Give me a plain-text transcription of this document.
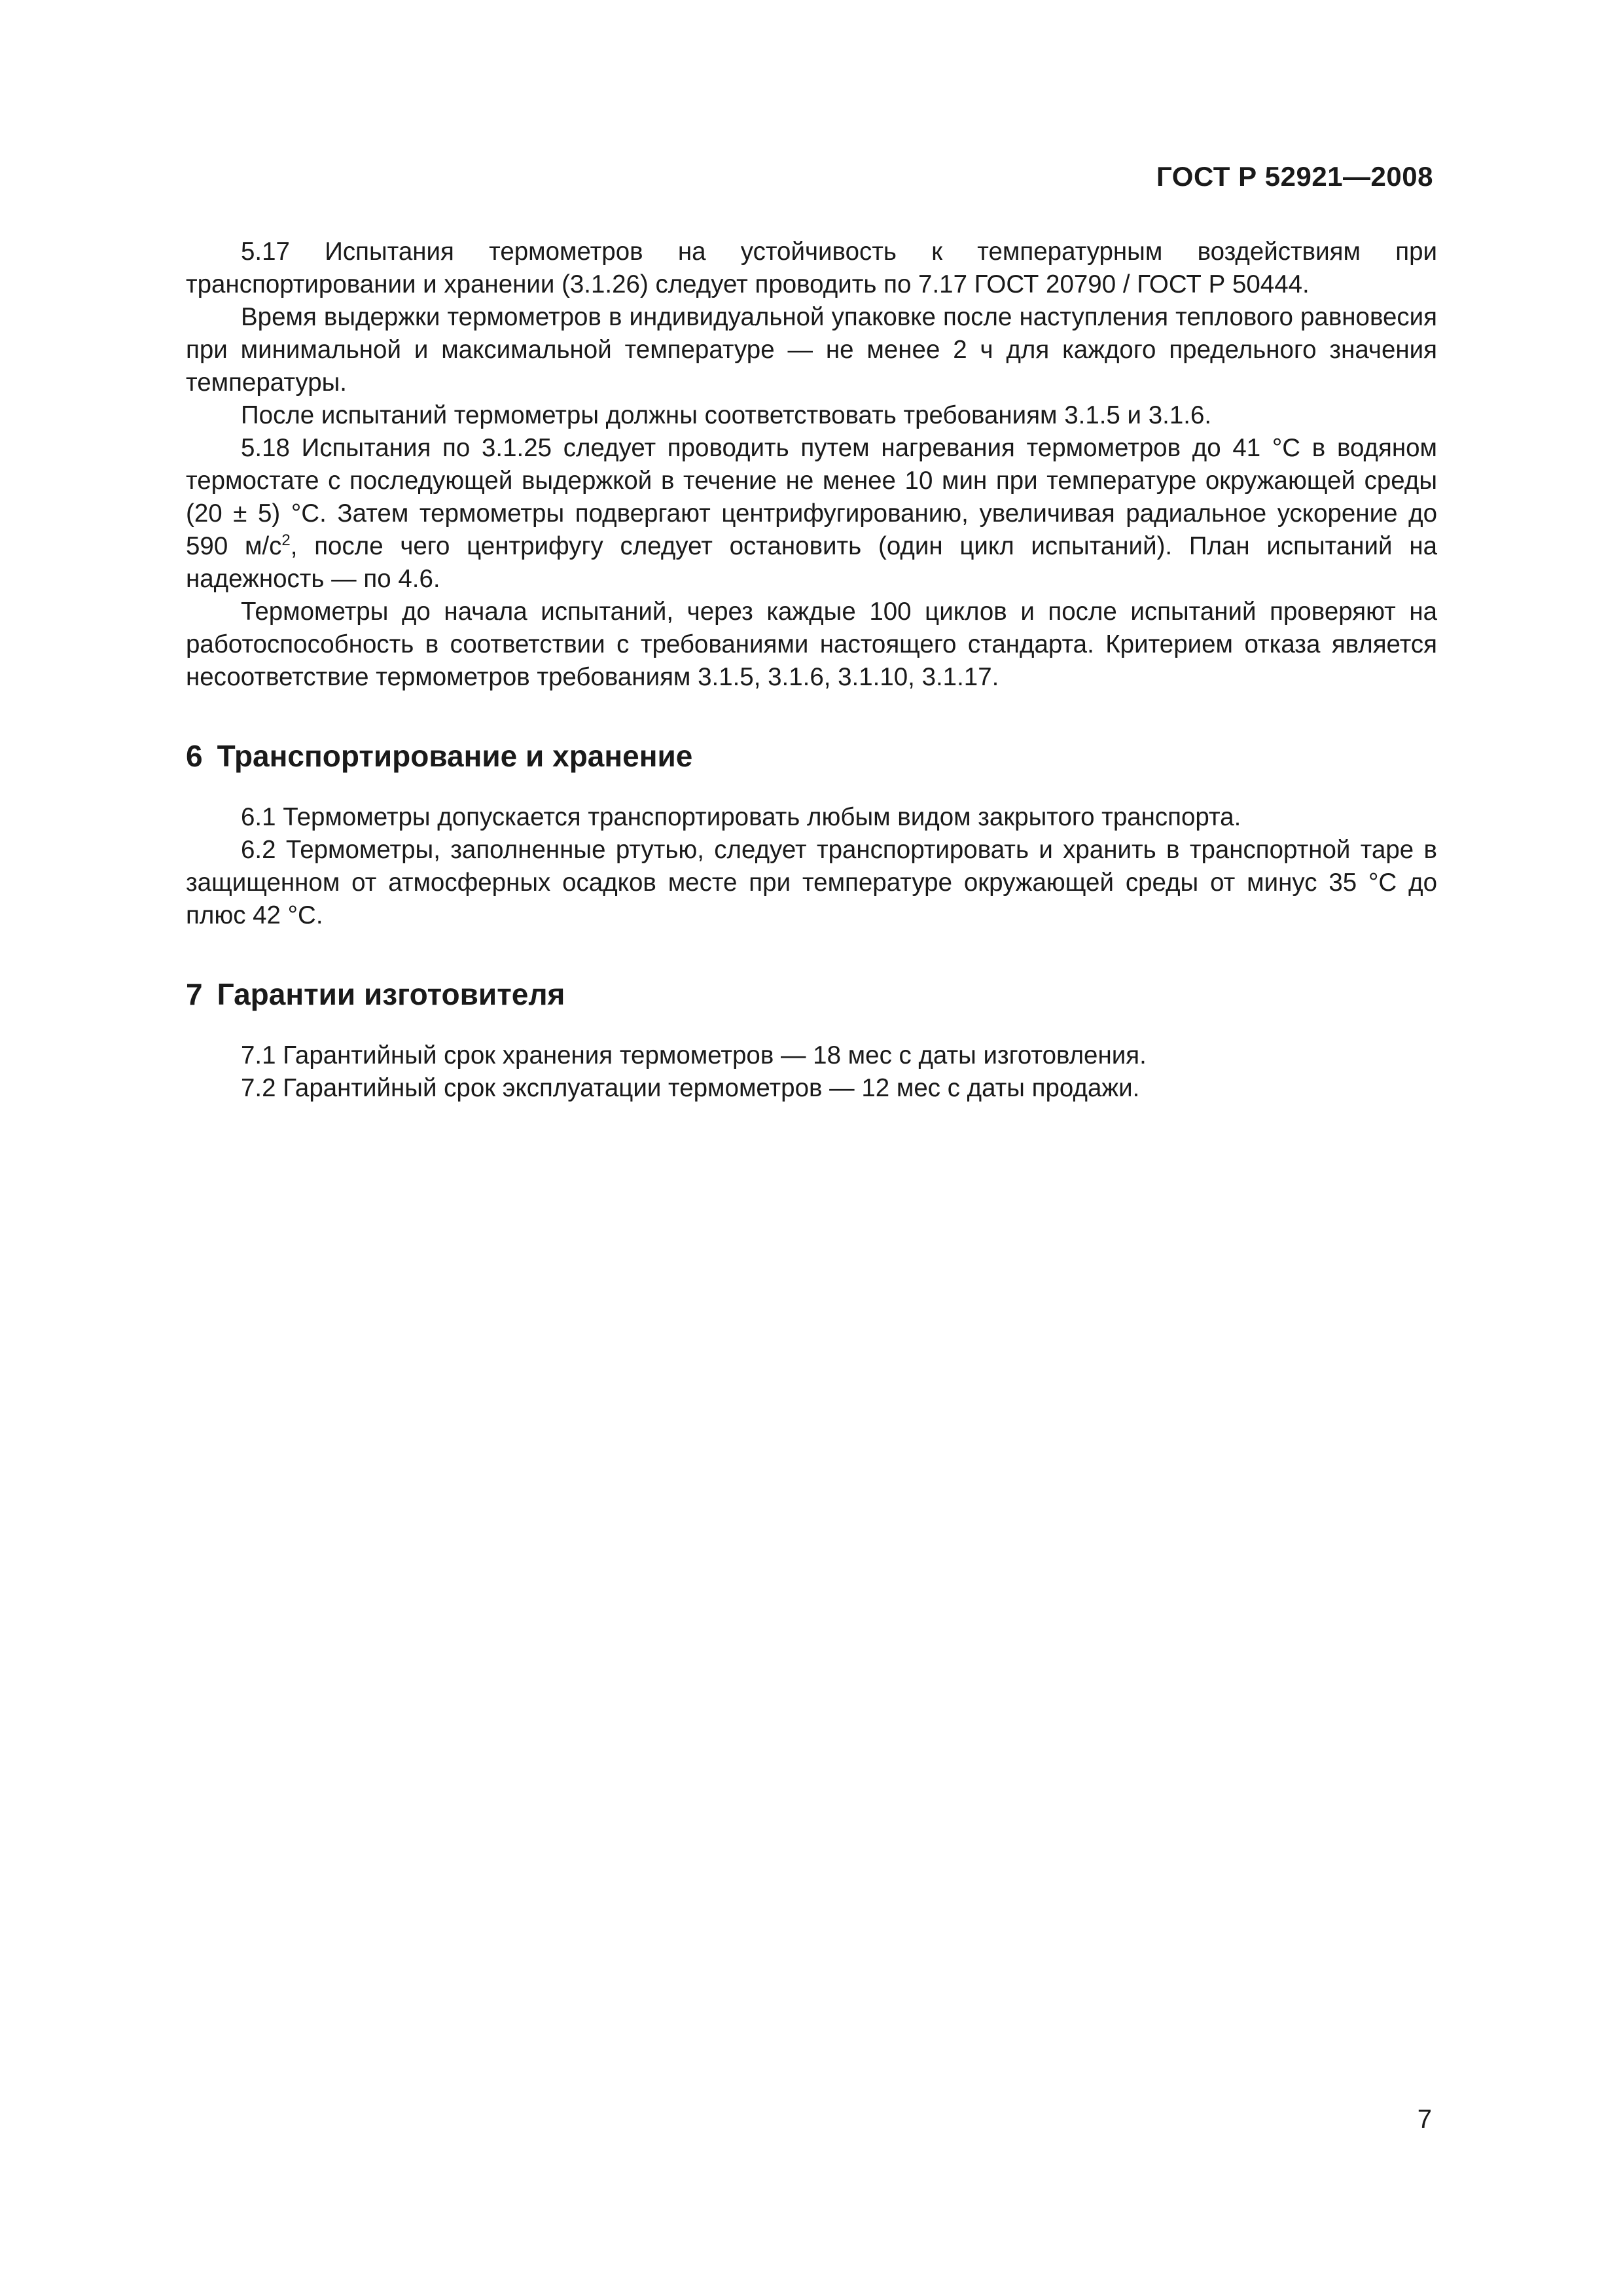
ГОСТ Р 52921—2008

5.17 Испытания термометров на устойчивость к температурным воздействиям при транспортировании и хранении (3.1.26) следует проводить по 7.17 ГОСТ 20790 / ГОСТ Р 50444.

Время выдержки термометров в индивидуальной упаковке после наступления теплового равновесия при минимальной и максимальной температуре — не менее 2 ч для каждого предельного значения температуры.

После испытаний термометры должны соответствовать требованиям 3.1.5 и 3.1.6.

5.18 Испытания по 3.1.25 следует проводить путем нагревания термометров до 41 °С в водяном термостате с последующей выдержкой в течение не менее 10 мин при температуре окружающей среды (20 ± 5) °С. Затем термометры подвергают центрифугированию, увеличивая радиальное ускорение до 590 $м/с^2$, после чего центрифугу следует остановить (один цикл испытаний). План испытаний на надежность — по 4.6.

Термометры до начала испытаний, через каждые 100 циклов и после испытаний проверяют на работоспособность в соответствии с требованиями настоящего стандарта. Критерием отказа является несоответствие термометров требованиям 3.1.5, 3.1.6, 3.1.10, 3.1.17.

6 Транспортирование и хранение

6.1 Термометры допускается транспортировать любым видом закрытого транспорта.

6.2 Термометры, заполненные ртутью, следует транспортировать и хранить в транспортной таре в защищенном от атмосферных осадков месте при температуре окружающей среды от минус 35 °С до плюс 42 °С.

7 Гарантии изготовителя

7.1 Гарантийный срок хранения термометров — 18 мес с даты изготовления.

7.2 Гарантийный срок эксплуатации термометров — 12 мес с даты продажи.

7
